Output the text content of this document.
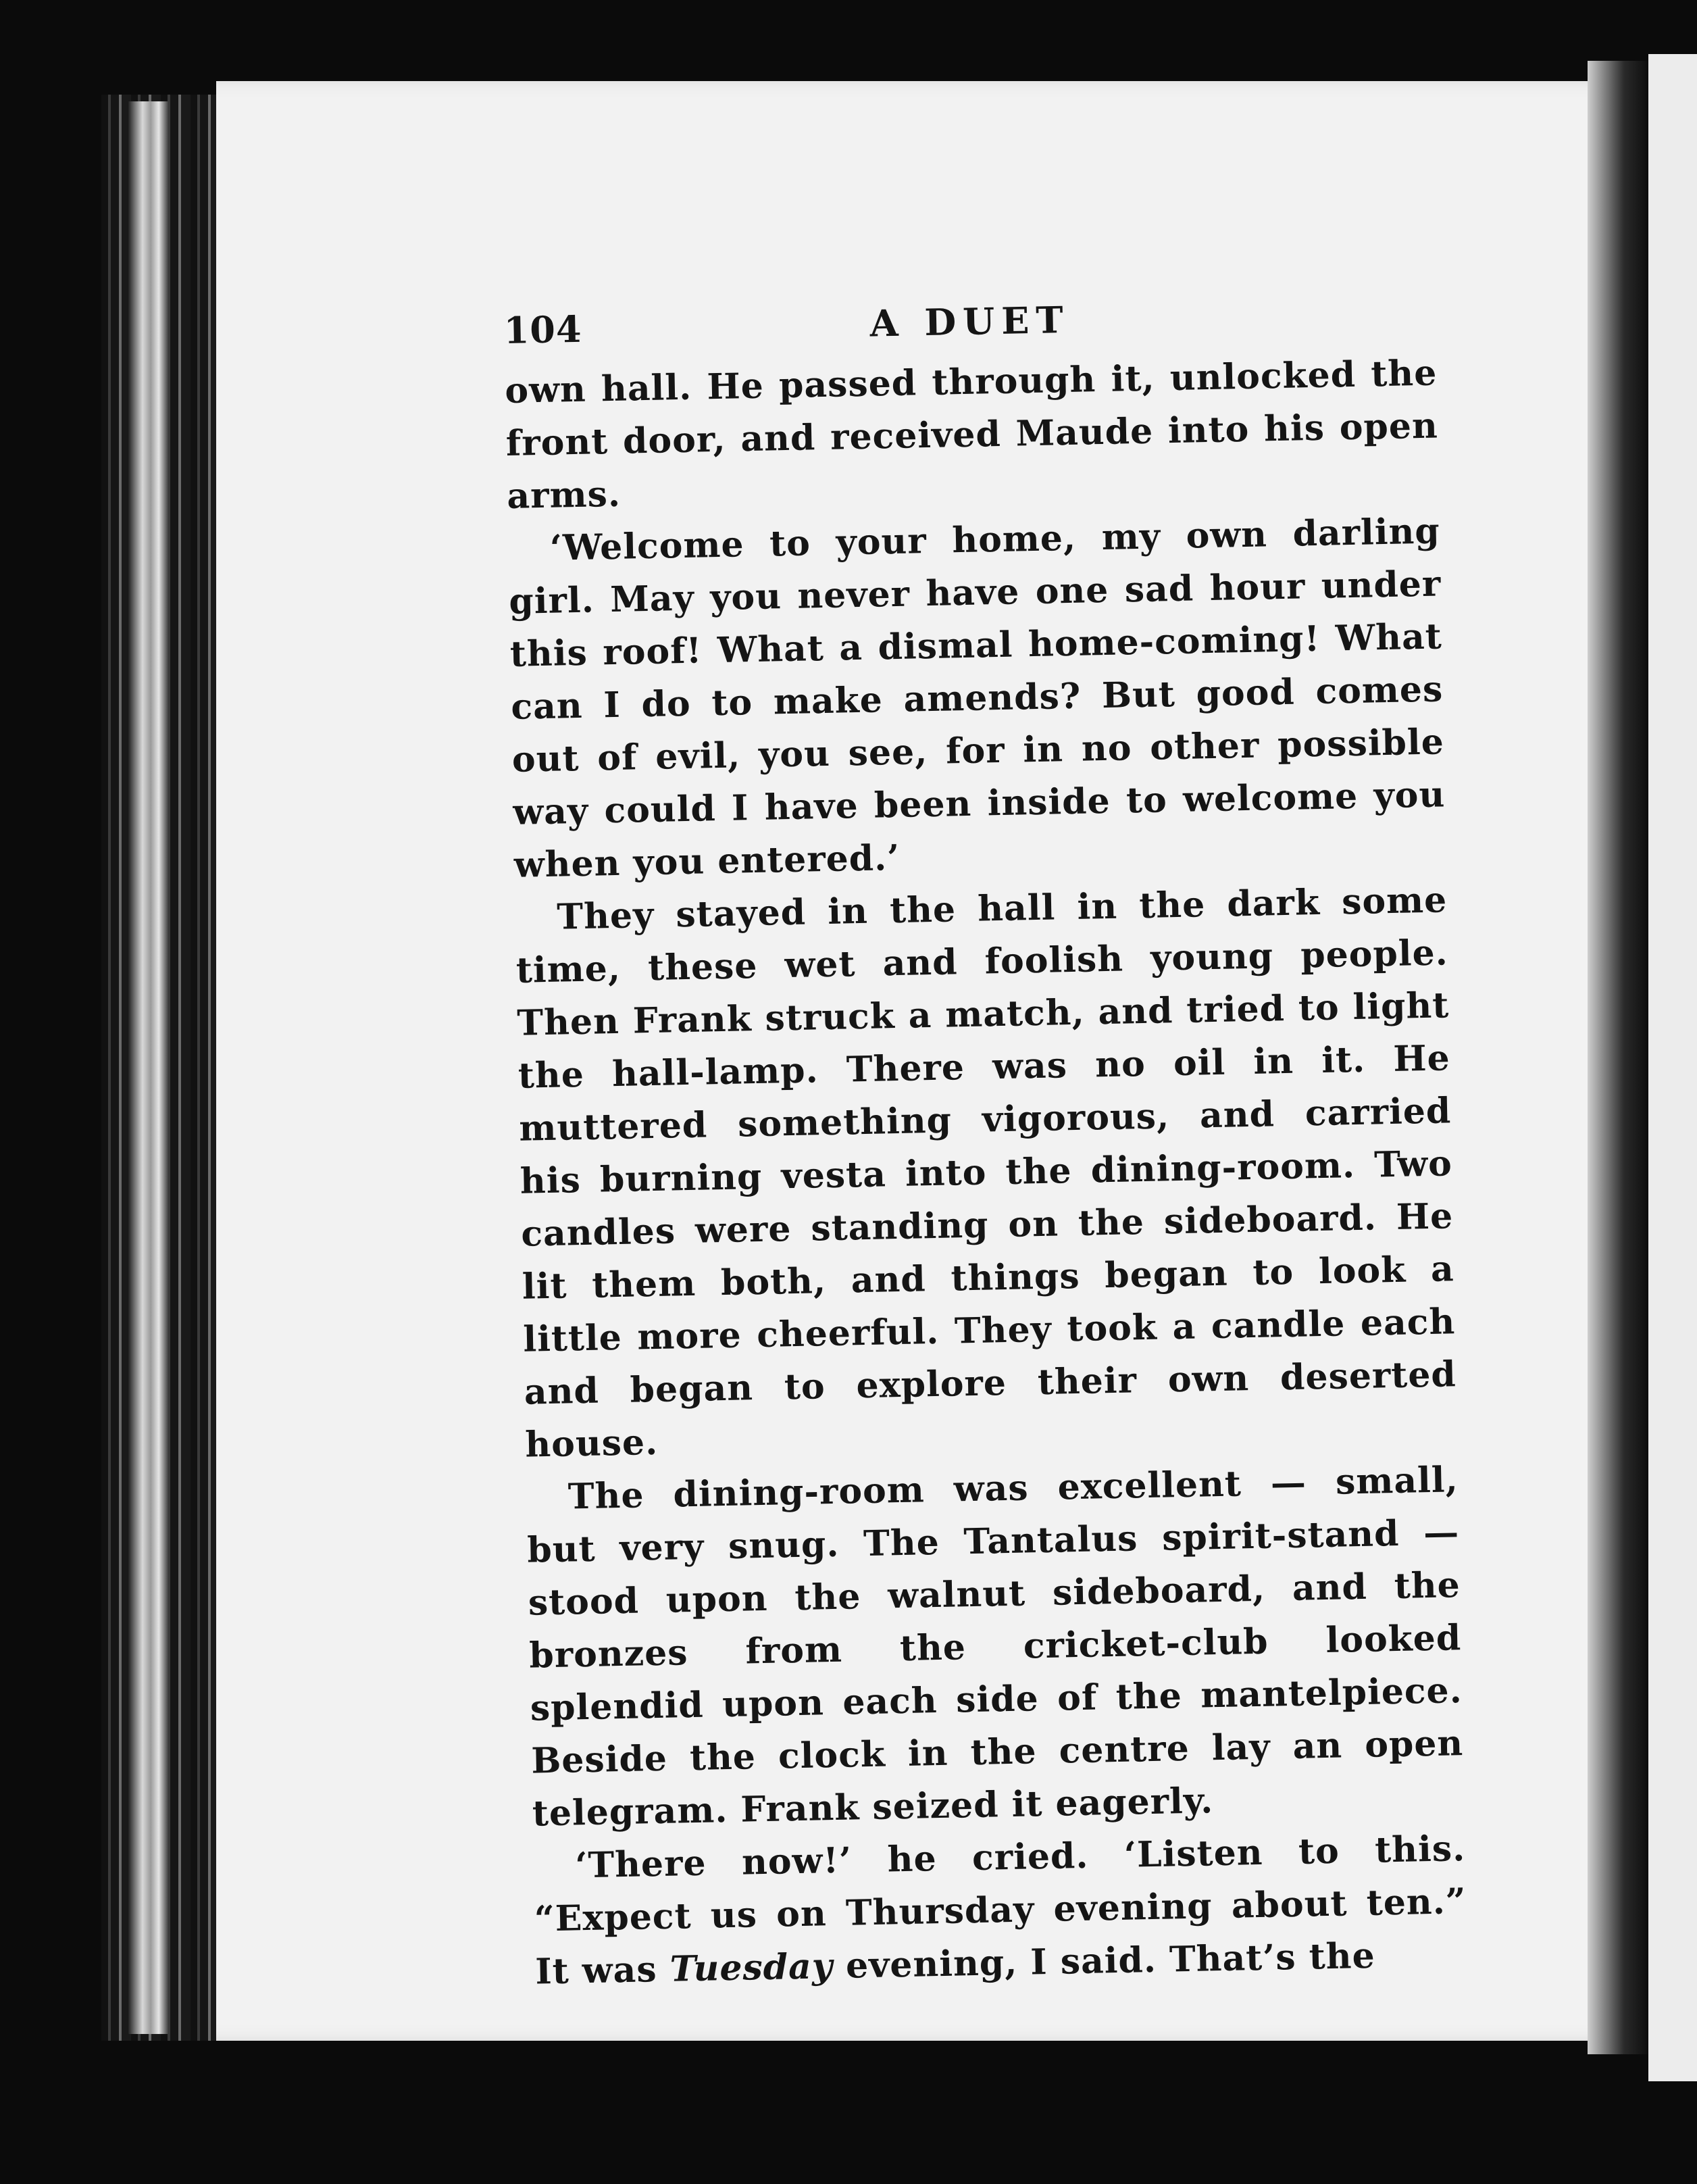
104	A DUET

own hall. He passed through it, unlocked the front door, and received Maude into his open arms.

‘Welcome to your home, my own darling girl. May you never have one sad hour under this roof! What a dismal home-coming! What can I do to make amends? But good comes out of evil, you see, for in no other possible way could I have been inside to welcome you when you entered.’

They stayed in the hall in the dark some time, these wet and foolish young people. Then Frank struck a match, and tried to light the hall-lamp. There was no oil in it. He muttered something vigorous, and carried his burning vesta into the dining-room. Two candles were standing on the sideboard. He lit them both, and things began to look a little more cheerful. They took a candle each and began to explore their own deserted house.

The dining-room was excellent — small, but very snug. The Tantalus spirit-stand — stood upon the walnut sideboard, and the bronzes from the cricket-club looked splendid upon each side of the mantelpiece. Beside the clock in the centre lay an open telegram. Frank seized it eagerly.

‘There now!’ he cried. ‘Listen to this. “Expect us on Thursday evening about ten.” It was Tuesday evening, I said. That’s the
